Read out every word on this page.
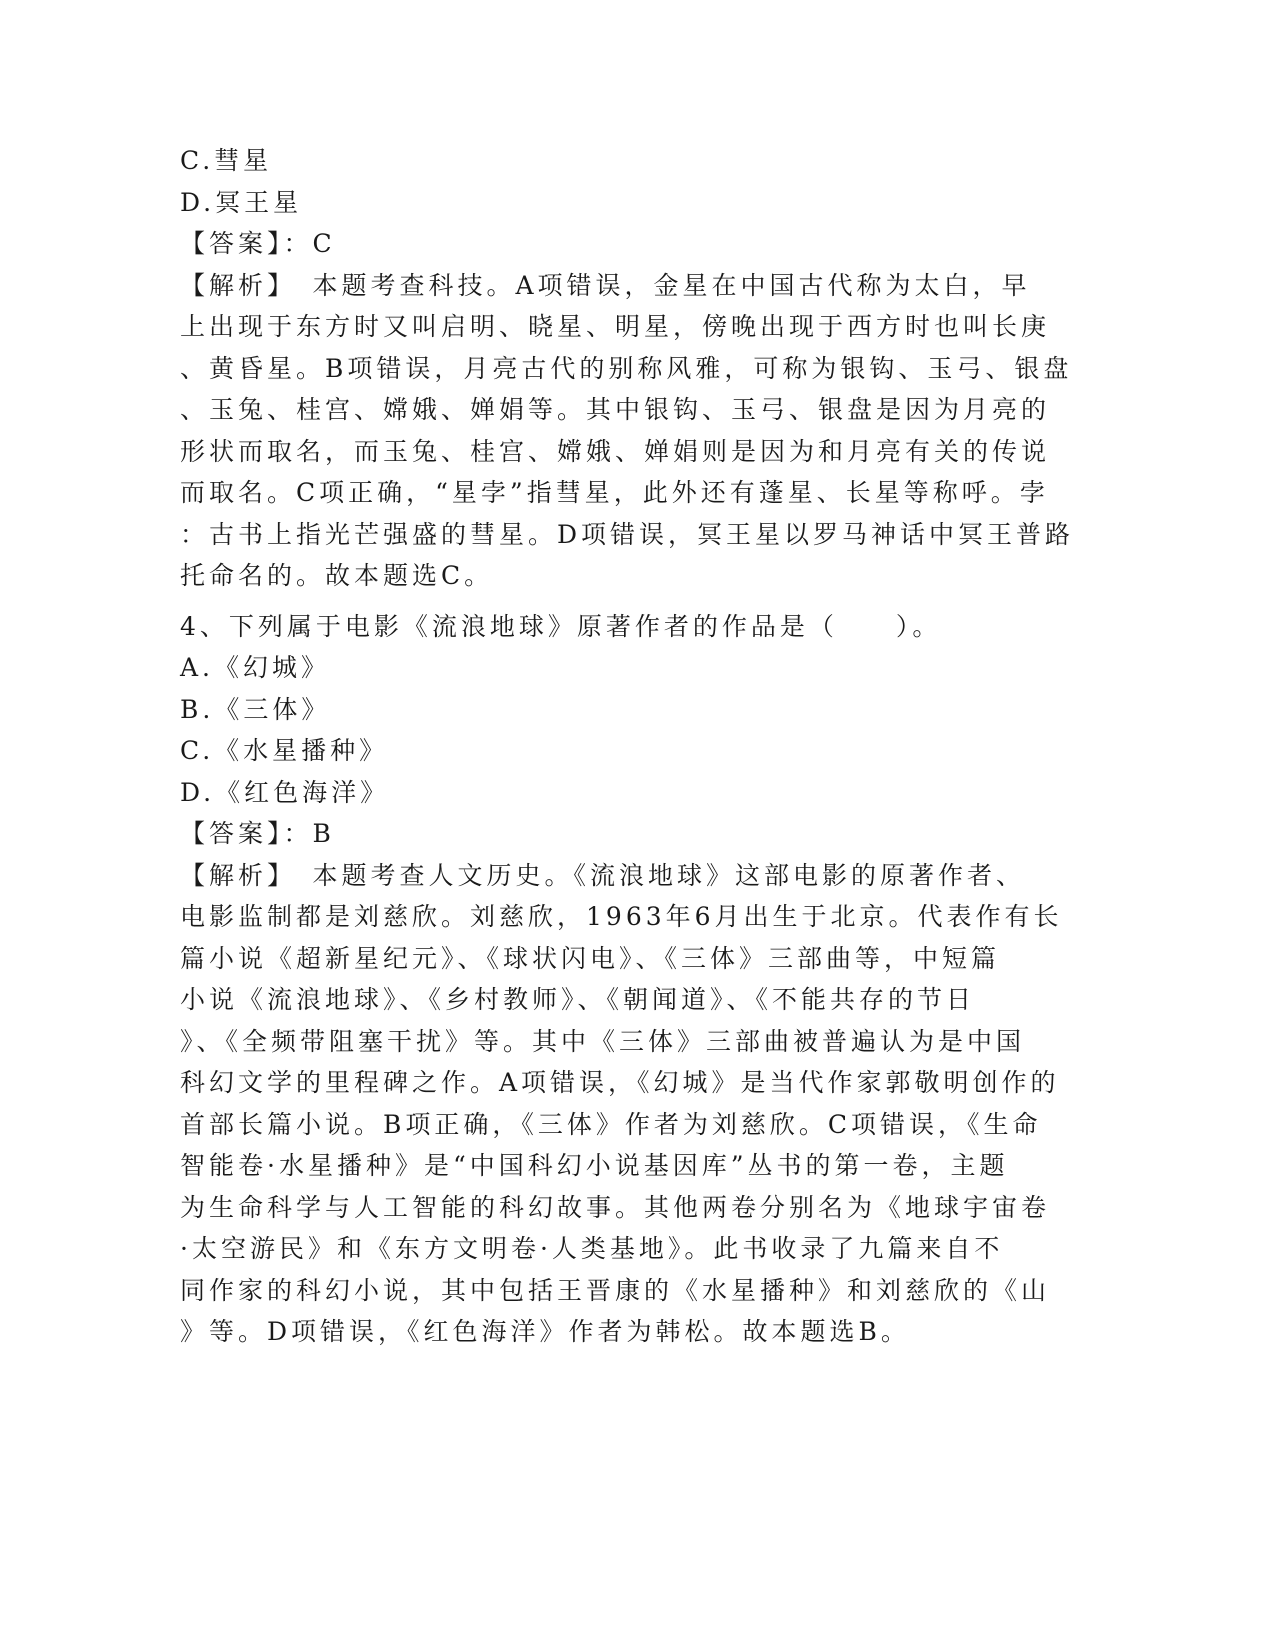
C.彗星
D.冥王星
【答案】：C
【解析】　本题考查科技。A项错误，金星在中国古代称为太白，早
上出现于东方时又叫启明、晓星、明星，傍晚出现于西方时也叫长庚
、黄昏星。B项错误，月亮古代的别称风雅，可称为银钩、玉弓、银盘
、玉兔、桂宫、嫦娥、婵娟等。其中银钩、玉弓、银盘是因为月亮的
形状而取名，而玉兔、桂宫、嫦娥、婵娟则是因为和月亮有关的传说
而取名。C项正确，“星孛”指彗星，此外还有蓬星、长星等称呼。孛
：古书上指光芒强盛的彗星。D项错误，冥王星以罗马神话中冥王普路
托命名的。故本题选C。
4、下列属于电影《流浪地球》原著作者的作品是（　　）。
A.《幻城》
B.《三体》
C.《水星播种》
D.《红色海洋》
【答案】：B
【解析】　本题考查人文历史。《流浪地球》这部电影的原著作者、
电影监制都是刘慈欣。刘慈欣，1963年6月出生于北京。代表作有长
篇小说《超新星纪元》、《球状闪电》、《三体》三部曲等，中短篇
小说《流浪地球》、《乡村教师》、《朝闻道》、《不能共存的节日
》、《全频带阻塞干扰》等。其中《三体》三部曲被普遍认为是中国
科幻文学的里程碑之作。A项错误，《幻城》是当代作家郭敬明创作的
首部长篇小说。B项正确，《三体》作者为刘慈欣。C项错误，《生命
智能卷·水星播种》是“中国科幻小说基因库”丛书的第一卷，主题
为生命科学与人工智能的科幻故事。其他两卷分别名为《地球宇宙卷
·太空游民》和《东方文明卷·人类基地》。此书收录了九篇来自不
同作家的科幻小说，其中包括王晋康的《水星播种》和刘慈欣的《山
》等。D项错误，《红色海洋》作者为韩松。故本题选B。
